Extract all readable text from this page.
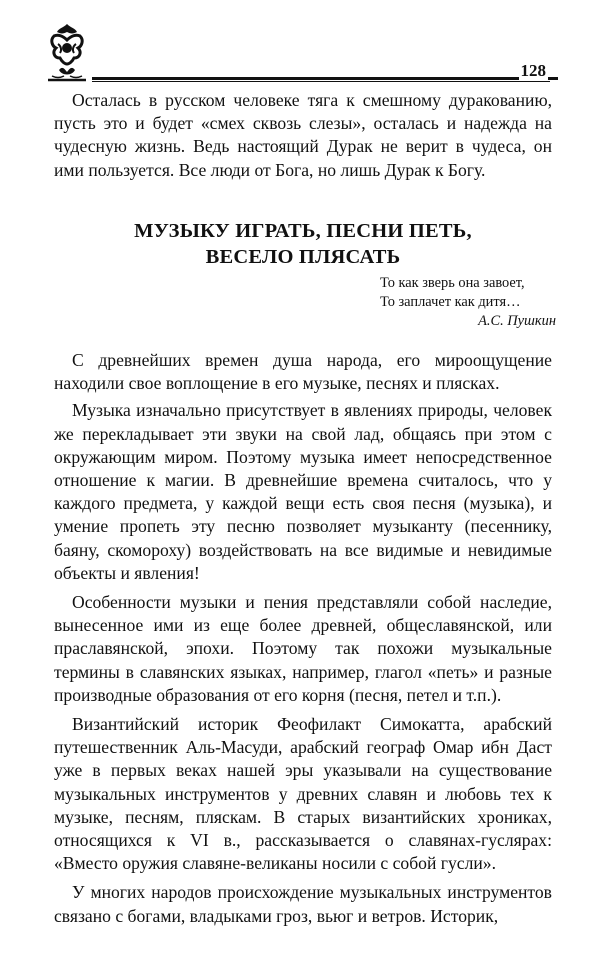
128

Осталась в русском человеке тяга к смешному дуракованию, пусть это и будет «смех сквозь слезы», осталась и надежда на чудесную жизнь. Ведь настоящий Дурак не верит в чудеса, он ими пользуется. Все люди от Бога, но лишь Дурак к Богу.

МУЗЫКУ ИГРАТЬ, ПЕСНИ ПЕТЬ,
ВЕСЕЛО ПЛЯСАТЬ
То как зверь она завоет,
То заплачет как дитя…
А.С. Пушкин

С древнейших времен душа народа, его мироощущение находили свое воплощение в его музыке, песнях и плясках.

Музыка изначально присутствует в явлениях природы, человек же перекладывает эти звуки на свой лад, общаясь при этом с окружающим миром. Поэтому музыка имеет непосредственное отношение к магии. В древнейшие времена считалось, что у каждого предмета, у каждой вещи есть своя песня (музыка), и умение пропеть эту песню позволяет музыканту (песеннику, баяну, скомороху) воздействовать на все видимые и невидимые объекты и явления!

Особенности музыки и пения представляли собой наследие, вынесенное ими из еще более древней, общеславянской, или праславянской, эпохи. Поэтому так похожи музыкальные термины в славянских языках, например, глагол «петь» и разные производные образования от его корня (песня, петел и т.п.).

Византийский историк Феофилакт Симокатта, арабский путешественник Аль-Масуди, арабский географ Омар ибн Даст уже в первых веках нашей эры указывали на существование музыкальных инструментов у древних славян и любовь тех к музыке, песням, пляскам. В старых византийских хрониках, относящихся к VI в., рассказывается о славянах-гуслярах: «Вместо оружия славяне-великаны носили с собой гусли».

У многих народов происхождение музыкальных инструментов связано с богами, владыками гроз, вьюг и ветров. Историк,
